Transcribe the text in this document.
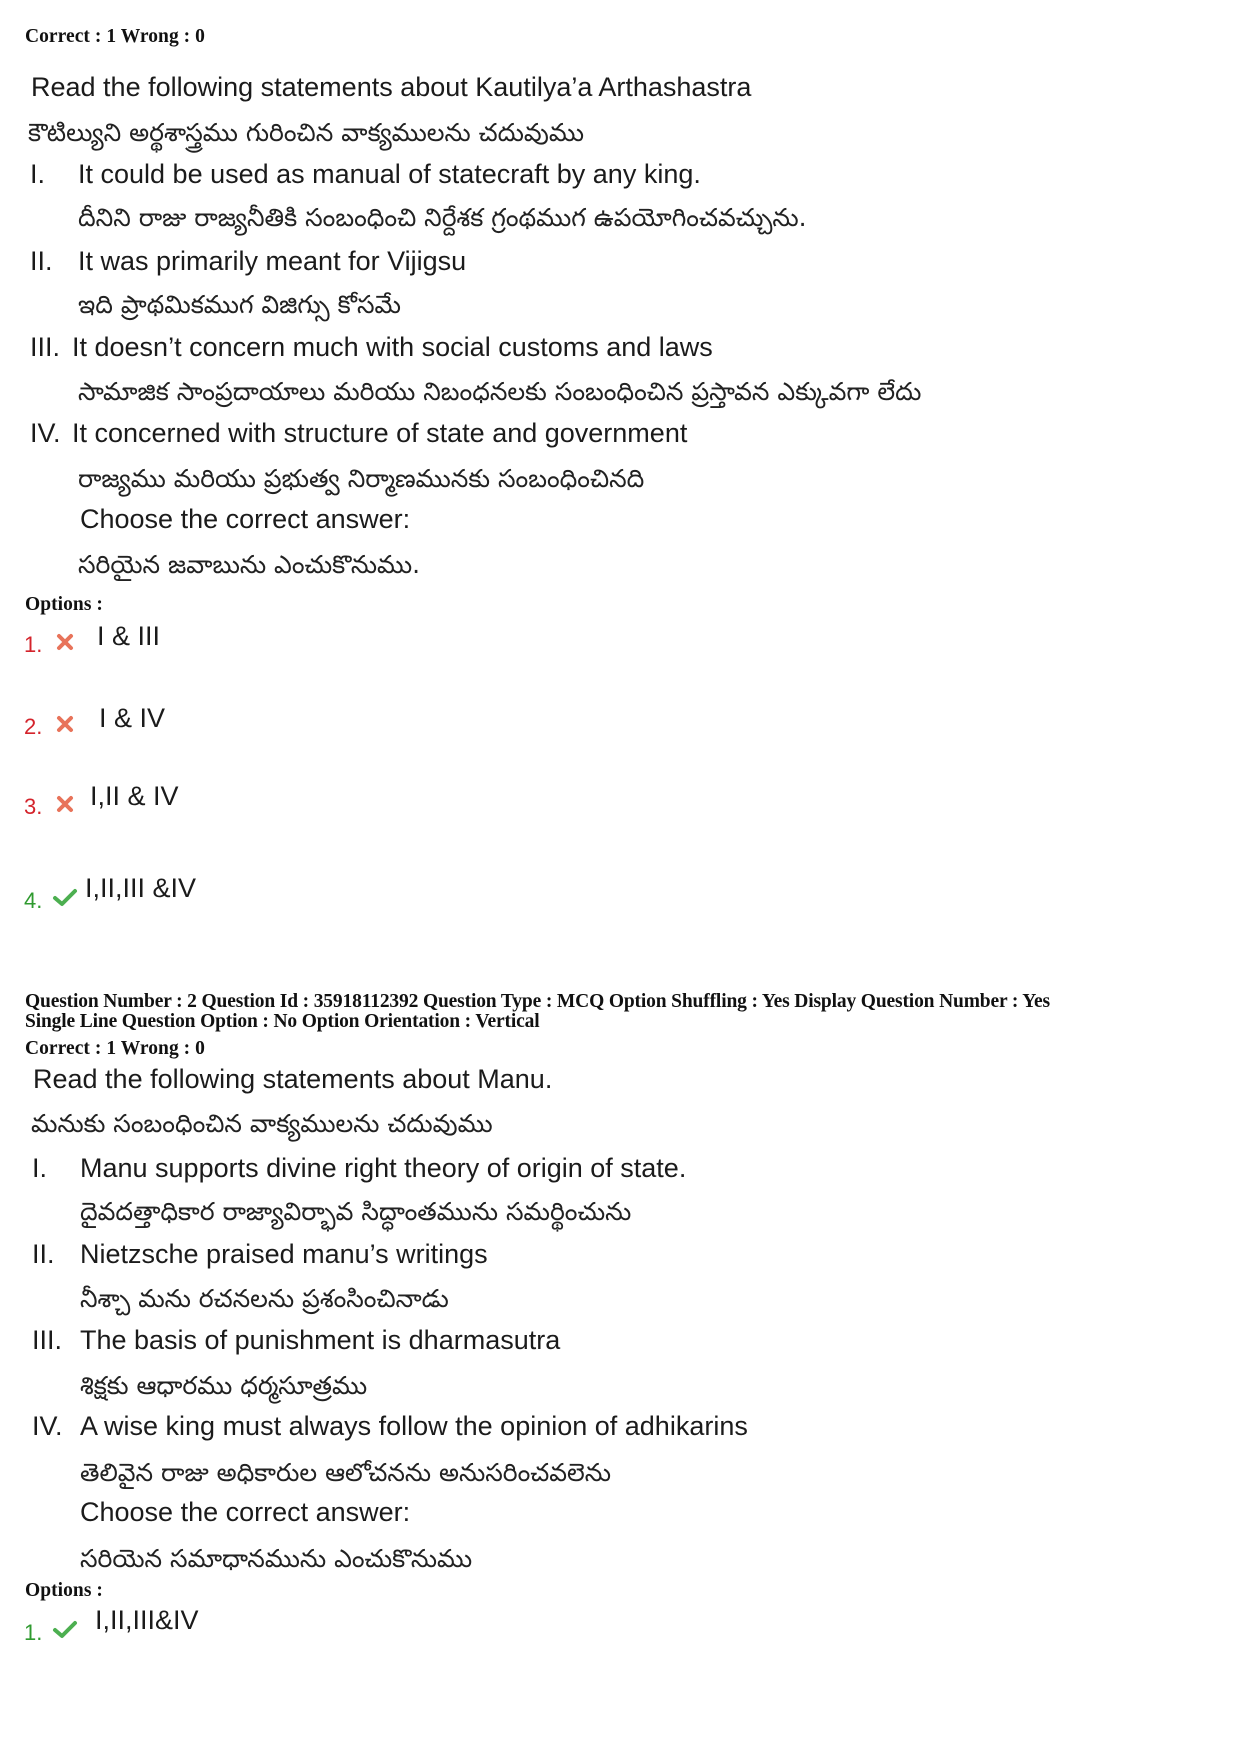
Correct : 1 Wrong : 0
Read the following statements about Kautilya’a Arthashastra
కౌటిల్యుని అర్థశాస్త్రము గురించిన వాక్యములను చదువుము
I. It could be used as manual of statecraft by any king.
దీనిని రాజు రాజ్యనీతికి సంబంధించి నిర్దేశక గ్రంథముగ ఉపయోగించవచ్చును.
II. It was primarily meant for Vijigsu
ఇది ప్రాథమికముగ విజిగ్సు కోసమే
III. It doesn’t concern much with social customs and laws
సామాజిక సాంప్రదాయాలు మరియు నిబంధనలకు సంబంధించిన ప్రస్తావన ఎక్కువగా లేదు
IV. It concerned with structure of state and government
రాజ్యము మరియు ప్రభుత్వ నిర్మాణమునకు సంబంధించినది
Choose the correct answer:
సరియైన జవాబును ఎంచుకొనుము.
Options :
1. I & III
2. I & IV
3. I,II & IV
4. I,II,III &IV
Question Number : 2 Question Id : 35918112392 Question Type : MCQ Option Shuffling : Yes Display Question Number : Yes
Single Line Question Option : No Option Orientation : Vertical
Correct : 1 Wrong : 0
Read the following statements about Manu.
మనుకు సంబంధించిన వాక్యములను చదువుము
I. Manu supports divine right theory of origin of state.
దైవదత్తాధికార రాజ్యావిర్భావ సిద్ధాంతమును సమర్థించును
II. Nietzsche praised manu’s writings
నీశ్చా మను రచనలను ప్రశంసించినాడు
III. The basis of punishment is dharmasutra
శిక్షకు ఆధారము ధర్మసూత్రము
IV. A wise king must always follow the opinion of adhikarins
తెలివైన రాజు అధికారుల ఆలోచనను అనుసరించవలెను
Choose the correct answer:
సరియెన సమాధానమును ఎంచుకొనుము
Options :
1. I,II,III&IV
